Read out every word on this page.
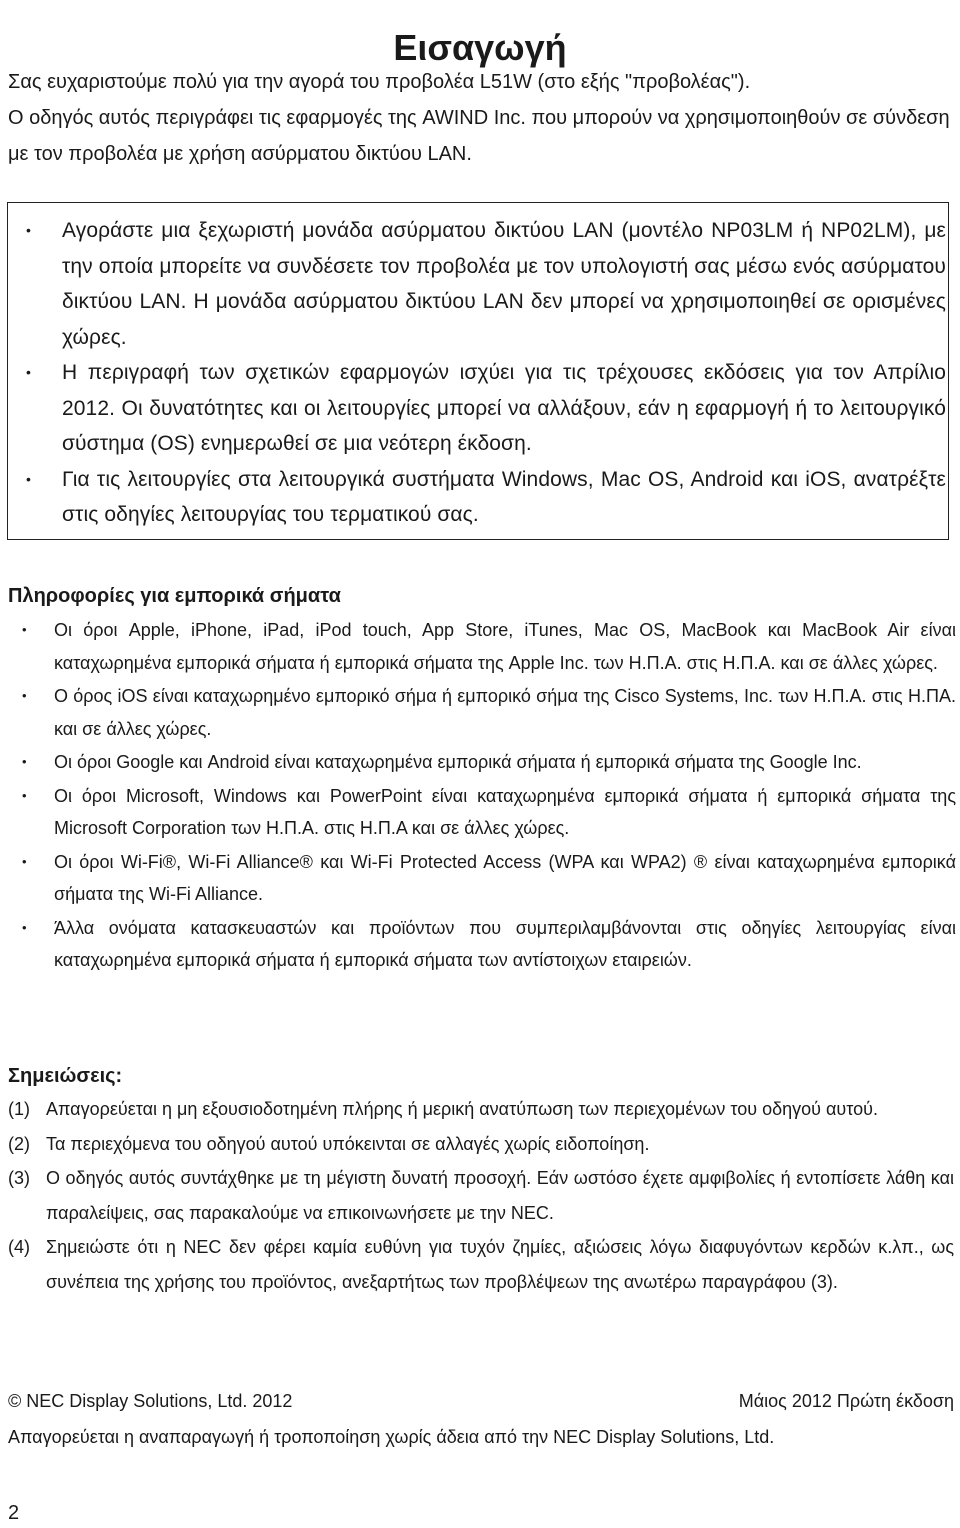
Εισαγωγή

Σας ευχαριστούμε πολύ για την αγορά του προβολέα L51W (στο εξής "προβολέας").

Ο οδηγός αυτός περιγράφει τις εφαρμογές της AWIND Inc. που μπορούν να χρησιμοποιηθούν σε σύνδεση με τον προβολέα με χρήση ασύρματου δικτύου LAN.

• Αγοράστε μια ξεχωριστή μονάδα ασύρματου δικτύου LAN (μοντέλο NP03LM ή NP02LM), με την οποία μπορείτε να συνδέσετε τον προβολέα με τον υπολογιστή σας μέσω ενός ασύρματου δικτύου LAN. Η μονάδα ασύρματου δικτύου LAN δεν μπορεί να χρησιμοποιηθεί σε ορισμένες χώρες.
• Η περιγραφή των σχετικών εφαρμογών ισχύει για τις τρέχουσες εκδόσεις για τον Απρίλιο 2012. Οι δυνατότητες και οι λειτουργίες μπορεί να αλλάξουν, εάν η εφαρμογή ή το λειτουργικό σύστημα (OS) ενημερωθεί σε μια νεότερη έκδοση.
• Για τις λειτουργίες στα λειτουργικά συστήματα Windows, Mac OS, Android και iOS, ανατρέξτε στις οδηγίες λειτουργίας του τερματικού σας.
Πληροφορίες για εμπορικά σήματα
• Οι όροι Apple, iPhone, iPad, iPod touch, App Store, iTunes, Mac OS, MacBook και MacBook Air είναι καταχωρημένα εμπορικά σήματα ή εμπορικά σήματα της Apple Inc. των Η.Π.Α. στις Η.Π.Α. και σε άλλες χώρες.
• Ο όρος iOS είναι καταχωρημένο εμπορικό σήμα ή εμπορικό σήμα της Cisco Systems, Inc. των Η.Π.Α. στις Η.ΠΑ. και σε άλλες χώρες.
• Οι όροι Google και Android είναι καταχωρημένα εμπορικά σήματα ή εμπορικά σήματα της Google Inc.
• Οι όροι Microsoft, Windows και PowerPoint είναι καταχωρημένα εμπορικά σήματα ή εμπορικά σήματα της Microsoft Corporation των Η.Π.Α. στις Η.Π.Α και σε άλλες χώρες.
• Οι όροι Wi-Fi®, Wi-Fi Alliance® και Wi-Fi Protected Access (WPA και WPA2) ® είναι καταχωρημένα εμπορικά σήματα της Wi-Fi Alliance.
• Άλλα ονόματα κατασκευαστών και προϊόντων που συμπεριλαμβάνονται στις οδηγίες λειτουργίας είναι καταχωρημένα εμπορικά σήματα ή εμπορικά σήματα των αντίστοιχων εταιρειών.
Σημειώσεις:
(1) Απαγορεύεται η μη εξουσιοδοτημένη πλήρης ή μερική ανατύπωση των περιεχομένων του οδηγού αυτού.
(2) Τα περιεχόμενα του οδηγού αυτού υπόκεινται σε αλλαγές χωρίς ειδοποίηση.
(3) Ο οδηγός αυτός συντάχθηκε με τη μέγιστη δυνατή προσοχή. Εάν ωστόσο έχετε αμφιβολίες ή εντοπίσετε λάθη και παραλείψεις, σας παρακαλούμε να επικοινωνήσετε με την NEC.
(4) Σημειώστε ότι η NEC δεν φέρει καμία ευθύνη για τυχόν ζημίες, αξιώσεις λόγω διαφυγόντων κερδών κ.λπ., ως συνέπεια της χρήσης του προϊόντος, ανεξαρτήτως των προβλέψεων της ανωτέρω παραγράφου (3).
© NEC Display Solutions, Ltd. 2012	Μάιος 2012 Πρώτη έκδοση
Απαγορεύεται η αναπαραγωγή ή τροποποίηση χωρίς άδεια από την NEC Display Solutions, Ltd.
2
